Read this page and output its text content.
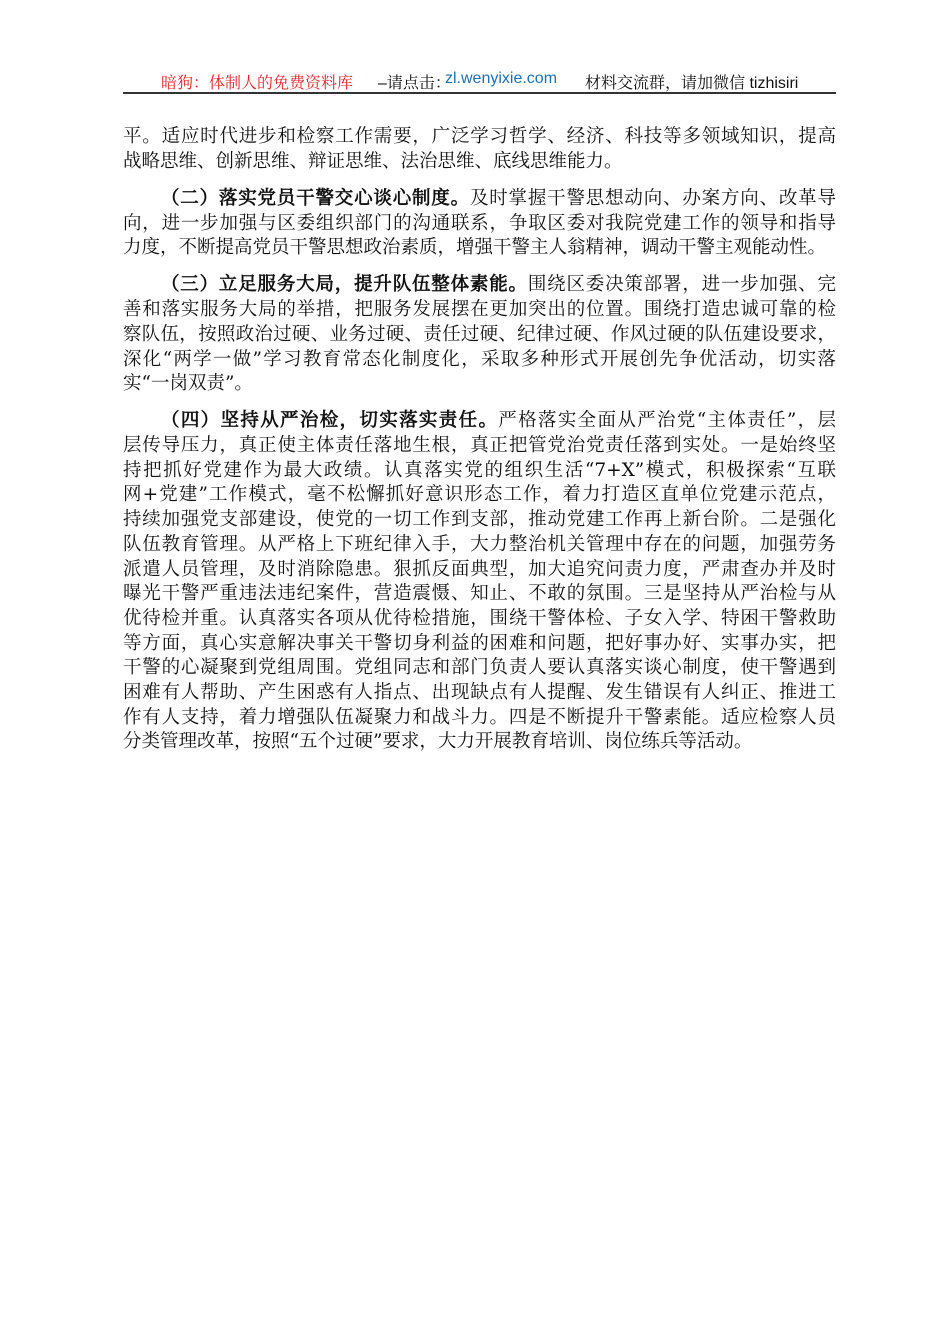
暗狗：体制人的免费资料库 –请点击：
zl.wenyixie.com 材料交流群，请加微信 tizhisiri
平。适应时代进步和检察工作需要，广泛学习哲学、经济、科技等多领域知识，提高
战略思维、创新思维、辩证思维、法治思维、底线思维能力。
（二）落实党员干警交心谈心制度。及时掌握干警思想动向、办案方向、改革导
向，进一步加强与区委组织部门的沟通联系，争取区委对我院党建工作的领导和指导
力度，不断提高党员干警思想政治素质，增强干警主人翁精神，调动干警主观能动性。
（三）立足服务大局，提升队伍整体素能。围绕区委决策部署，进一步加强、完
善和落实服务大局的举措，把服务发展摆在更加突出的位置。围绕打造忠诚可靠的检
察队伍，按照政治过硬、业务过硬、责任过硬、纪律过硬、作风过硬的队伍建设要求，
深化“两学一做”学习教育常态化制度化，采取多种形式开展创先争优活动，切实落
实“一岗双责”。
（四）坚持从严治检，切实落实责任。严格落实全面从严治党“主体责任”，层
层传导压力，真正使主体责任落地生根，真正把管党治党责任落到实处。一是始终坚
持把抓好党建作为最大政绩。认真落实党的组织生活“7+X”模式，积极探索“互联
网+党建”工作模式，毫不松懈抓好意识形态工作，着力打造区直单位党建示范点，
持续加强党支部建设，使党的一切工作到支部，推动党建工作再上新台阶。二是强化
队伍教育管理。从严格上下班纪律入手，大力整治机关管理中存在的问题，加强劳务
派遣人员管理，及时消除隐患。狠抓反面典型，加大追究问责力度，严肃查办并及时
曝光干警严重违法违纪案件，营造震慑、知止、不敢的氛围。三是坚持从严治检与从
优待检并重。认真落实各项从优待检措施，围绕干警体检、子女入学、特困干警救助
等方面，真心实意解决事关干警切身利益的困难和问题，把好事办好、实事办实，把
干警的心凝聚到党组周围。党组同志和部门负责人要认真落实谈心制度，使干警遇到
困难有人帮助、产生困惑有人指点、出现缺点有人提醒、发生错误有人纠正、推进工
作有人支持，着力增强队伍凝聚力和战斗力。四是不断提升干警素能。适应检察人员
分类管理改革，按照“五个过硬”要求，大力开展教育培训、岗位练兵等活动。
